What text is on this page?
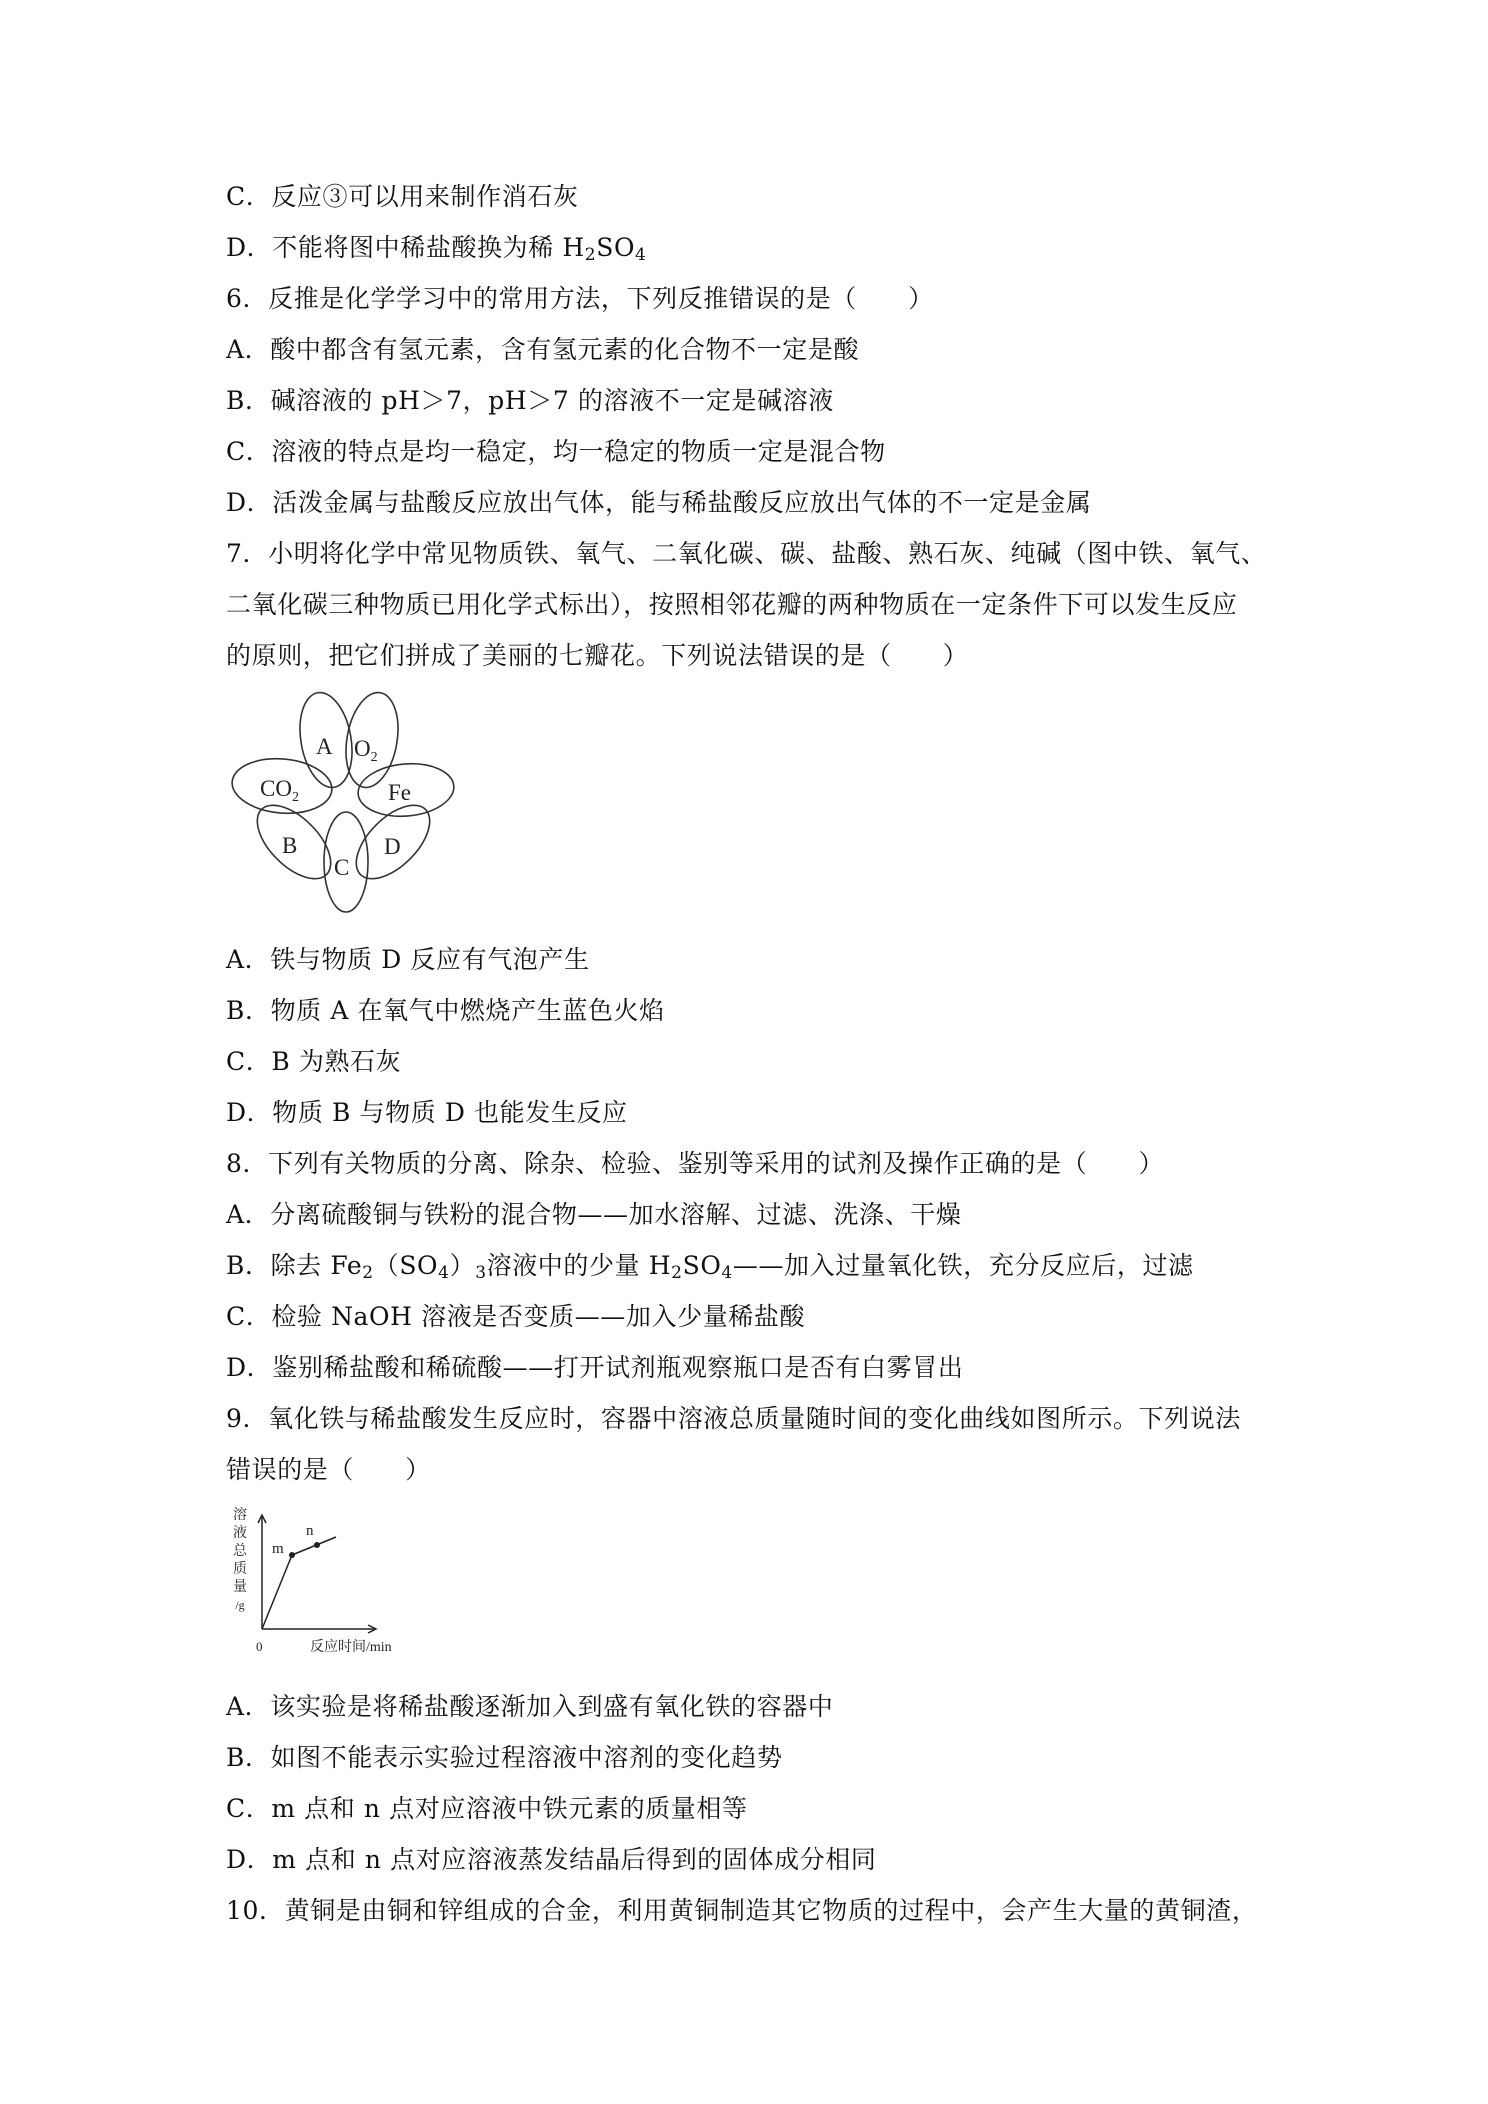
C．反应③可以用来制作消石灰
D．不能将图中稀盐酸换为稀 $H_2SO_4$
6．反推是化学学习中的常用方法，下列反推错误的是（　　）
A．酸中都含有氢元素，含有氢元素的化合物不一定是酸
B．碱溶液的 pH＞7，pH＞7 的溶液不一定是碱溶液
C．溶液的特点是均一稳定，均一稳定的物质一定是混合物
D．活泼金属与盐酸反应放出气体，能与稀盐酸反应放出气体的不一定是金属
7．小明将化学中常见物质铁、氧气、二氧化碳、碳、盐酸、熟石灰、纯碱（图中铁、氧气、
二氧化碳三种物质已用化学式标出），按照相邻花瓣的两种物质在一定条件下可以发生反应
的原则，把它们拼成了美丽的七瓣花。下列说法错误的是（　　）
A $O_2$
Fe
D
C
B
$CO_2$
A．铁与物质 D 反应有气泡产生
B．物质 A 在氧气中燃烧产生蓝色火焰
C．B 为熟石灰
D．物质 B 与物质 D 也能发生反应
8．下列有关物质的分离、除杂、检验、鉴别等采用的试剂及操作正确的是（　　）
A．分离硫酸铜与铁粉的混合物——加水溶解、过滤、洗涤、干燥
B．除去 $Fe_2(SO_4)_3$溶液中的少量 $H_2SO_4——$加入过量氧化铁，充分反应后，过滤
C．检验 NaOH 溶液是否变质——加入少量稀盐酸
D．鉴别稀盐酸和稀硫酸——打开试剂瓶观察瓶口是否有白雾冒出
9．氧化铁与稀盐酸发生反应时，容器中溶液总质量随时间的变化曲线如图所示。下列说法
错误的是（　　）
溶
液
总
质
量
/g
m
n
0	反应时间/min
A．该实验是将稀盐酸逐渐加入到盛有氧化铁的容器中
B．如图不能表示实验过程溶液中溶剂的变化趋势
C．m 点和 n 点对应溶液中铁元素的质量相等
D．m 点和 n 点对应溶液蒸发结晶后得到的固体成分相同
10．黄铜是由铜和锌组成的合金，利用黄铜制造其它物质的过程中，会产生大量的黄铜渣，
